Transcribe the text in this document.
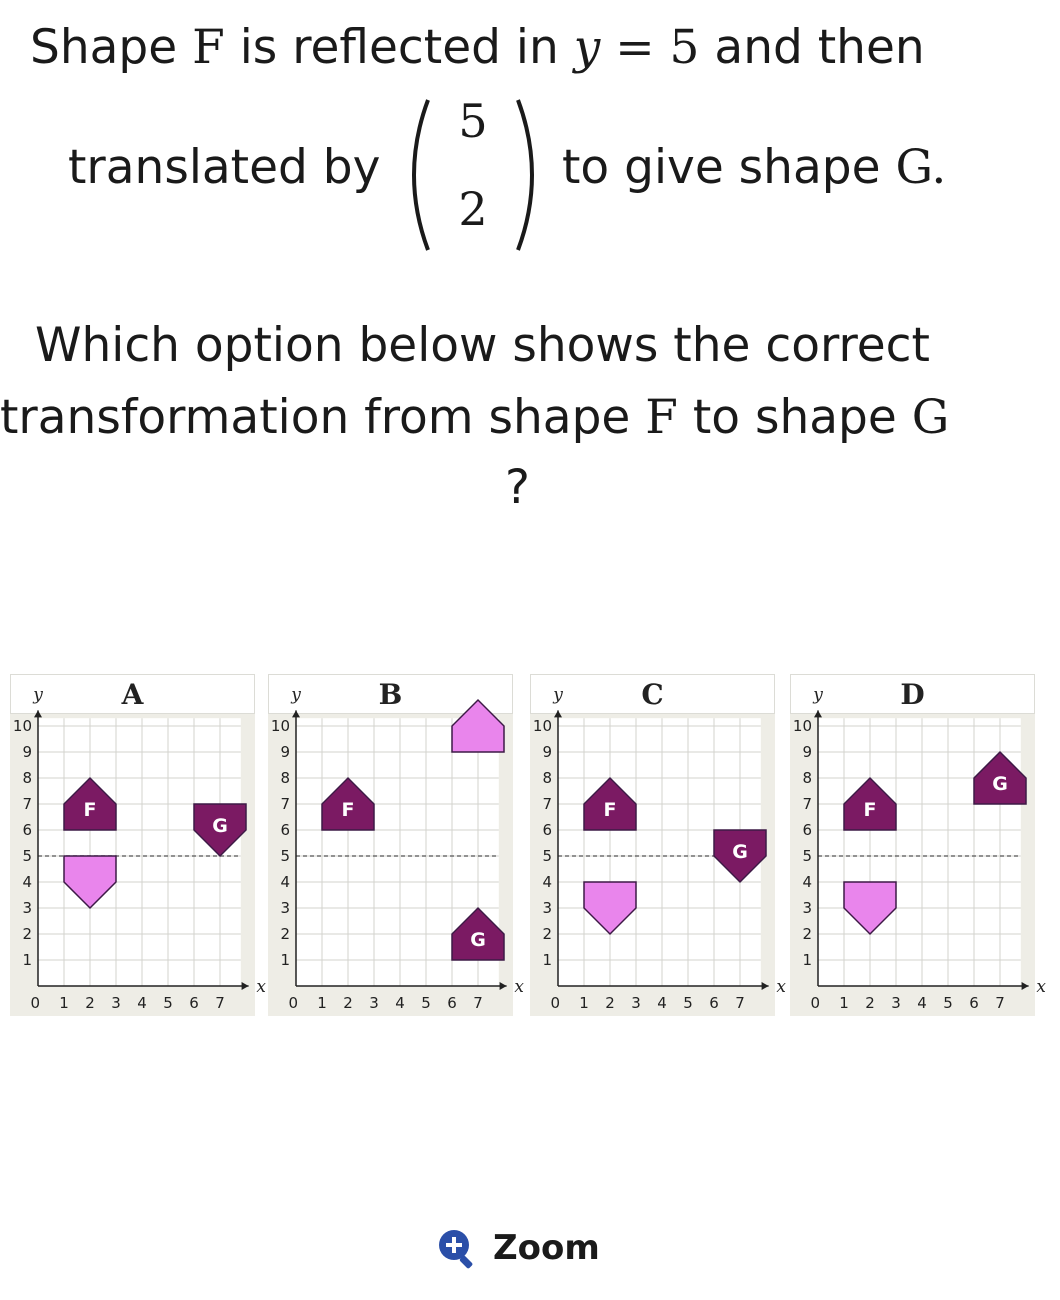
Shape F is reflected in y = 5 and then
translated by
5
2
to give shape G.
Which option below shows the correct
transformation from shape F to shape G
?
A
1 2 3 4 5 6 7
1
2
3
4
5
6
7
8
9
10
0
x
y
F
G
B
1 2 3 4 5 6 7
1
2
3
4
5
6
7
8
9
10
0
x
y
F
G
C
1 2 3 4 5 6 7
1
2
3
4
5
6
7
8
9
10
0
x
y
F
G
D
1 2 3 4 5 6 7
1
2
3
4
5
6
7
8
9
10
0
x
y
F
G
Zoom
